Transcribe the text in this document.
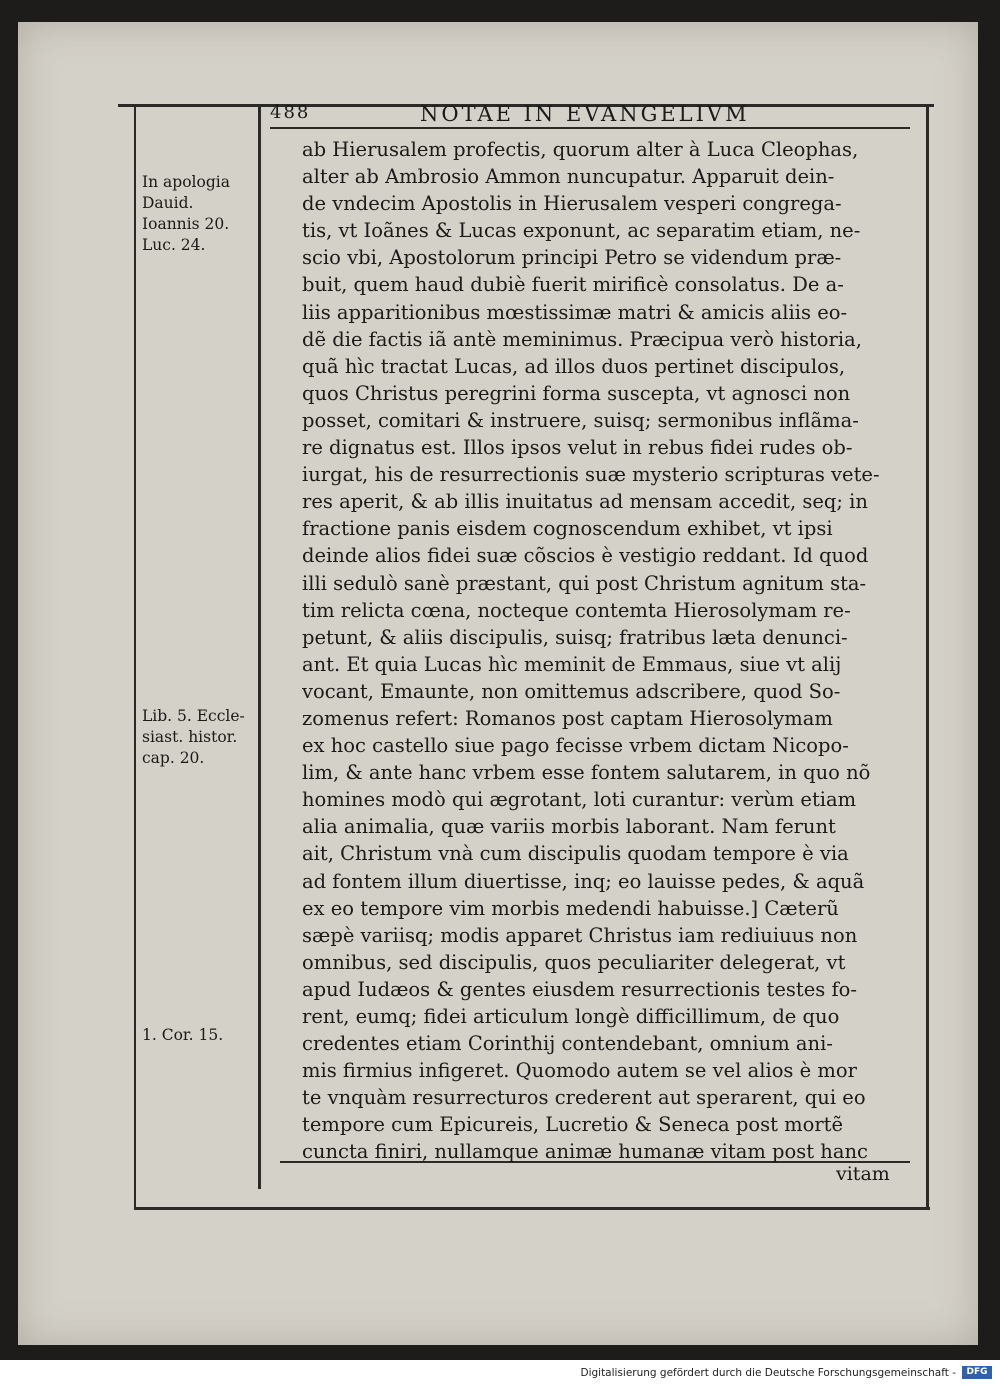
488	NOTAE IN EVANGELIVM
In apologia
Dauid.
Ioannis 20.
Luc. 24.
Lib. 5. Eccle-
siast. histor.
cap. 20.
1. Cor. 15.
ab Hierusalem profectis, quorum alter à Luca Cleophas,
alter ab Ambrosio Ammon nuncupatur. Apparuit dein-
de vndecim Apostolis in Hierusalem vesperi congrega-
tis, vt Ioãnes & Lucas exponunt, ac separatim etiam, ne-
scio vbi, Apostolorum principi Petro se videndum præ-
buit, quem haud dubiè fuerit mirificè consolatus. De a-
liis apparitionibus mœstissimæ matri & amicis aliis eo-
dẽ die factis iã antè meminimus. Præcipua verò historia,
quã hìc tractat Lucas, ad illos duos pertinet discipulos,
quos Christus peregrini forma suscepta, vt agnosci non
posset, comitari & instruere, suisq; sermonibus inflãma-
re dignatus est. Illos ipsos velut in rebus fidei rudes ob-
iurgat, his de resurrectionis suæ mysterio scripturas vete-
res aperit, & ab illis inuitatus ad mensam accedit, seq; in
fractione panis eisdem cognoscendum exhibet, vt ipsi
deinde alios fidei suæ cõscios è vestigio reddant. Id quod
illi sedulò sanè præstant, qui post Christum agnitum sta-
tim relicta cœna, nocteque contemta Hierosolymam re-
petunt, & aliis discipulis, suisq; fratribus læta denunci-
ant. Et quia Lucas hìc meminit de Emmaus, siue vt alij
vocant, Emaunte, non omittemus adscribere, quod So-
zomenus refert: Romanos post captam Hierosolymam
ex hoc castello siue pago fecisse vrbem dictam Nicopo-
lim, & ante hanc vrbem esse fontem salutarem, in quo nõ
homines modò qui ægrotant, loti curantur: verùm etiam
alia animalia, quæ variis morbis laborant. Nam ferunt
ait, Christum vnà cum discipulis quodam tempore è via
ad fontem illum diuertisse, inq; eo lauisse pedes, & aquã
ex eo tempore vim morbis medendi habuisse.] Cæterũ
sæpè variisq; modis apparet Christus iam rediuiuus non
omnibus, sed discipulis, quos peculiariter delegerat, vt
apud Iudæos & gentes eiusdem resurrectionis testes fo-
rent, eumq; fidei articulum longè difficillimum, de quo
credentes etiam Corinthij contendebant, omnium ani-
mis firmius infigeret. Quomodo autem se vel alios è mor
te vnquàm resurrecturos crederent aut sperarent, qui eo
tempore cum Epicureis, Lucretio & Seneca post mortẽ
cuncta finiri, nullamque animæ humanæ vitam post hanc
vitam
Digitalisierung gefördert durch die Deutsche Forschungsgemeinschaft -	DFG
